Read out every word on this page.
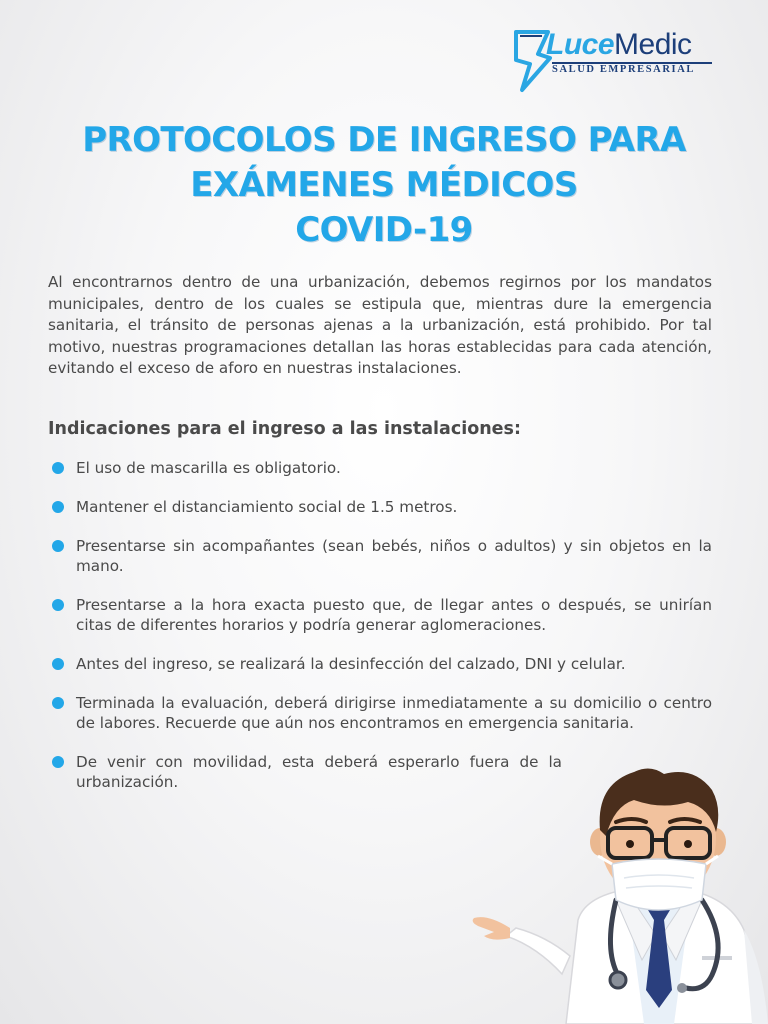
LuceMedic
SALUD EMPRESARIAL
PROTOCOLOS DE INGRESO PARA
EXÁMENES MÉDICOS
COVID-19

Al encontrarnos dentro de una urbanización, debemos regirnos por los mandatos municipales, dentro de los cuales se estipula que, mientras dure la emergencia sanitaria, el tránsito de personas ajenas a la urbanización, está prohibido. Por tal motivo, nuestras programaciones detallan las horas establecidas para cada atención, evitando el exceso de aforo en nuestras instalaciones.

Indicaciones para el ingreso a las instalaciones:
El uso de mascarilla es obligatorio.
Mantener el distanciamiento social de 1.5 metros.
Presentarse sin acompañantes (sean bebés, niños o adultos) y sin objetos en la mano.
Presentarse a la hora exacta puesto que, de llegar antes o después, se unirían citas de diferentes horarios y podría generar aglomeraciones.
Antes del ingreso, se realizará la desinfección del calzado, DNI y celular.
Terminada la evaluación, deberá dirigirse inmediatamente a su domicilio o centro de labores. Recuerde que aún nos encontramos en emergencia sanitaria.
De venir con movilidad, esta deberá esperarlo fuera de la urbanización.
